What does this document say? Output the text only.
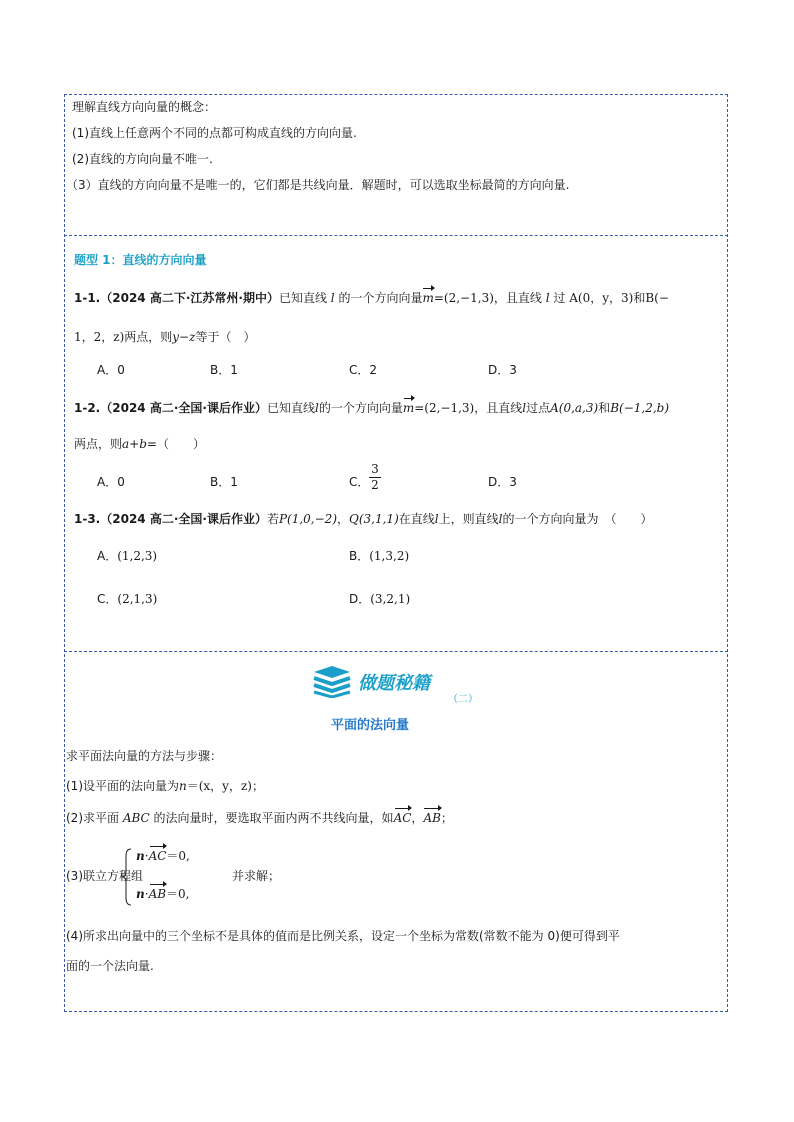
理解直线方向向量的概念：
(1)直线上任意两个不同的点都可构成直线的方向向量.
(2)直线的方向向量不唯一.
（3）直线的方向向量不是唯一的，它们都是共线向量．解题时，可以选取坐标最简的方向向量.
题型 1：直线的方向向量
1-1.（2024 高二下·江苏常州·期中）已知直线 l 的一个方向向量m=(2,−1,3)，且直线 l 过 A(0，y，3)和B(−
1，2，z)两点，则y−z等于（　）
A．0	B．1	C．2	D．3
1-2.（2024 高二·全国·课后作业）已知直线l的一个方向向量m=(2,−1,3)，且直线l过点A(0,a,3)和B(−1,2,b)
两点，则a+b=（　　）
A．0	B．1	C．
3
2	D．3
1-3.（2024 高二·全国·课后作业）若P(1,0,−2)，Q(3,1,1)在直线l上，则直线l的一个方向向量为　（　　）
A．(1,2,3)	B．(1,3,2)
C．(2,1,3)	D．(3,2,1)
做题秘籍
（二）
平面的法向量
求平面法向量的方法与步骤：
(1)设平面的法向量为n＝(x，y，z)；
(2)求平面 ABC 的法向量时，要选取平面内两不共线向量，如AC，AB；
(3)联立方程组
n·AC＝0,
n·AB＝0,
并求解；
(4)所求出向量中的三个坐标不是具体的值而是比例关系，设定一个坐标为常数(常数不能为 0)便可得到平
面的一个法向量.
